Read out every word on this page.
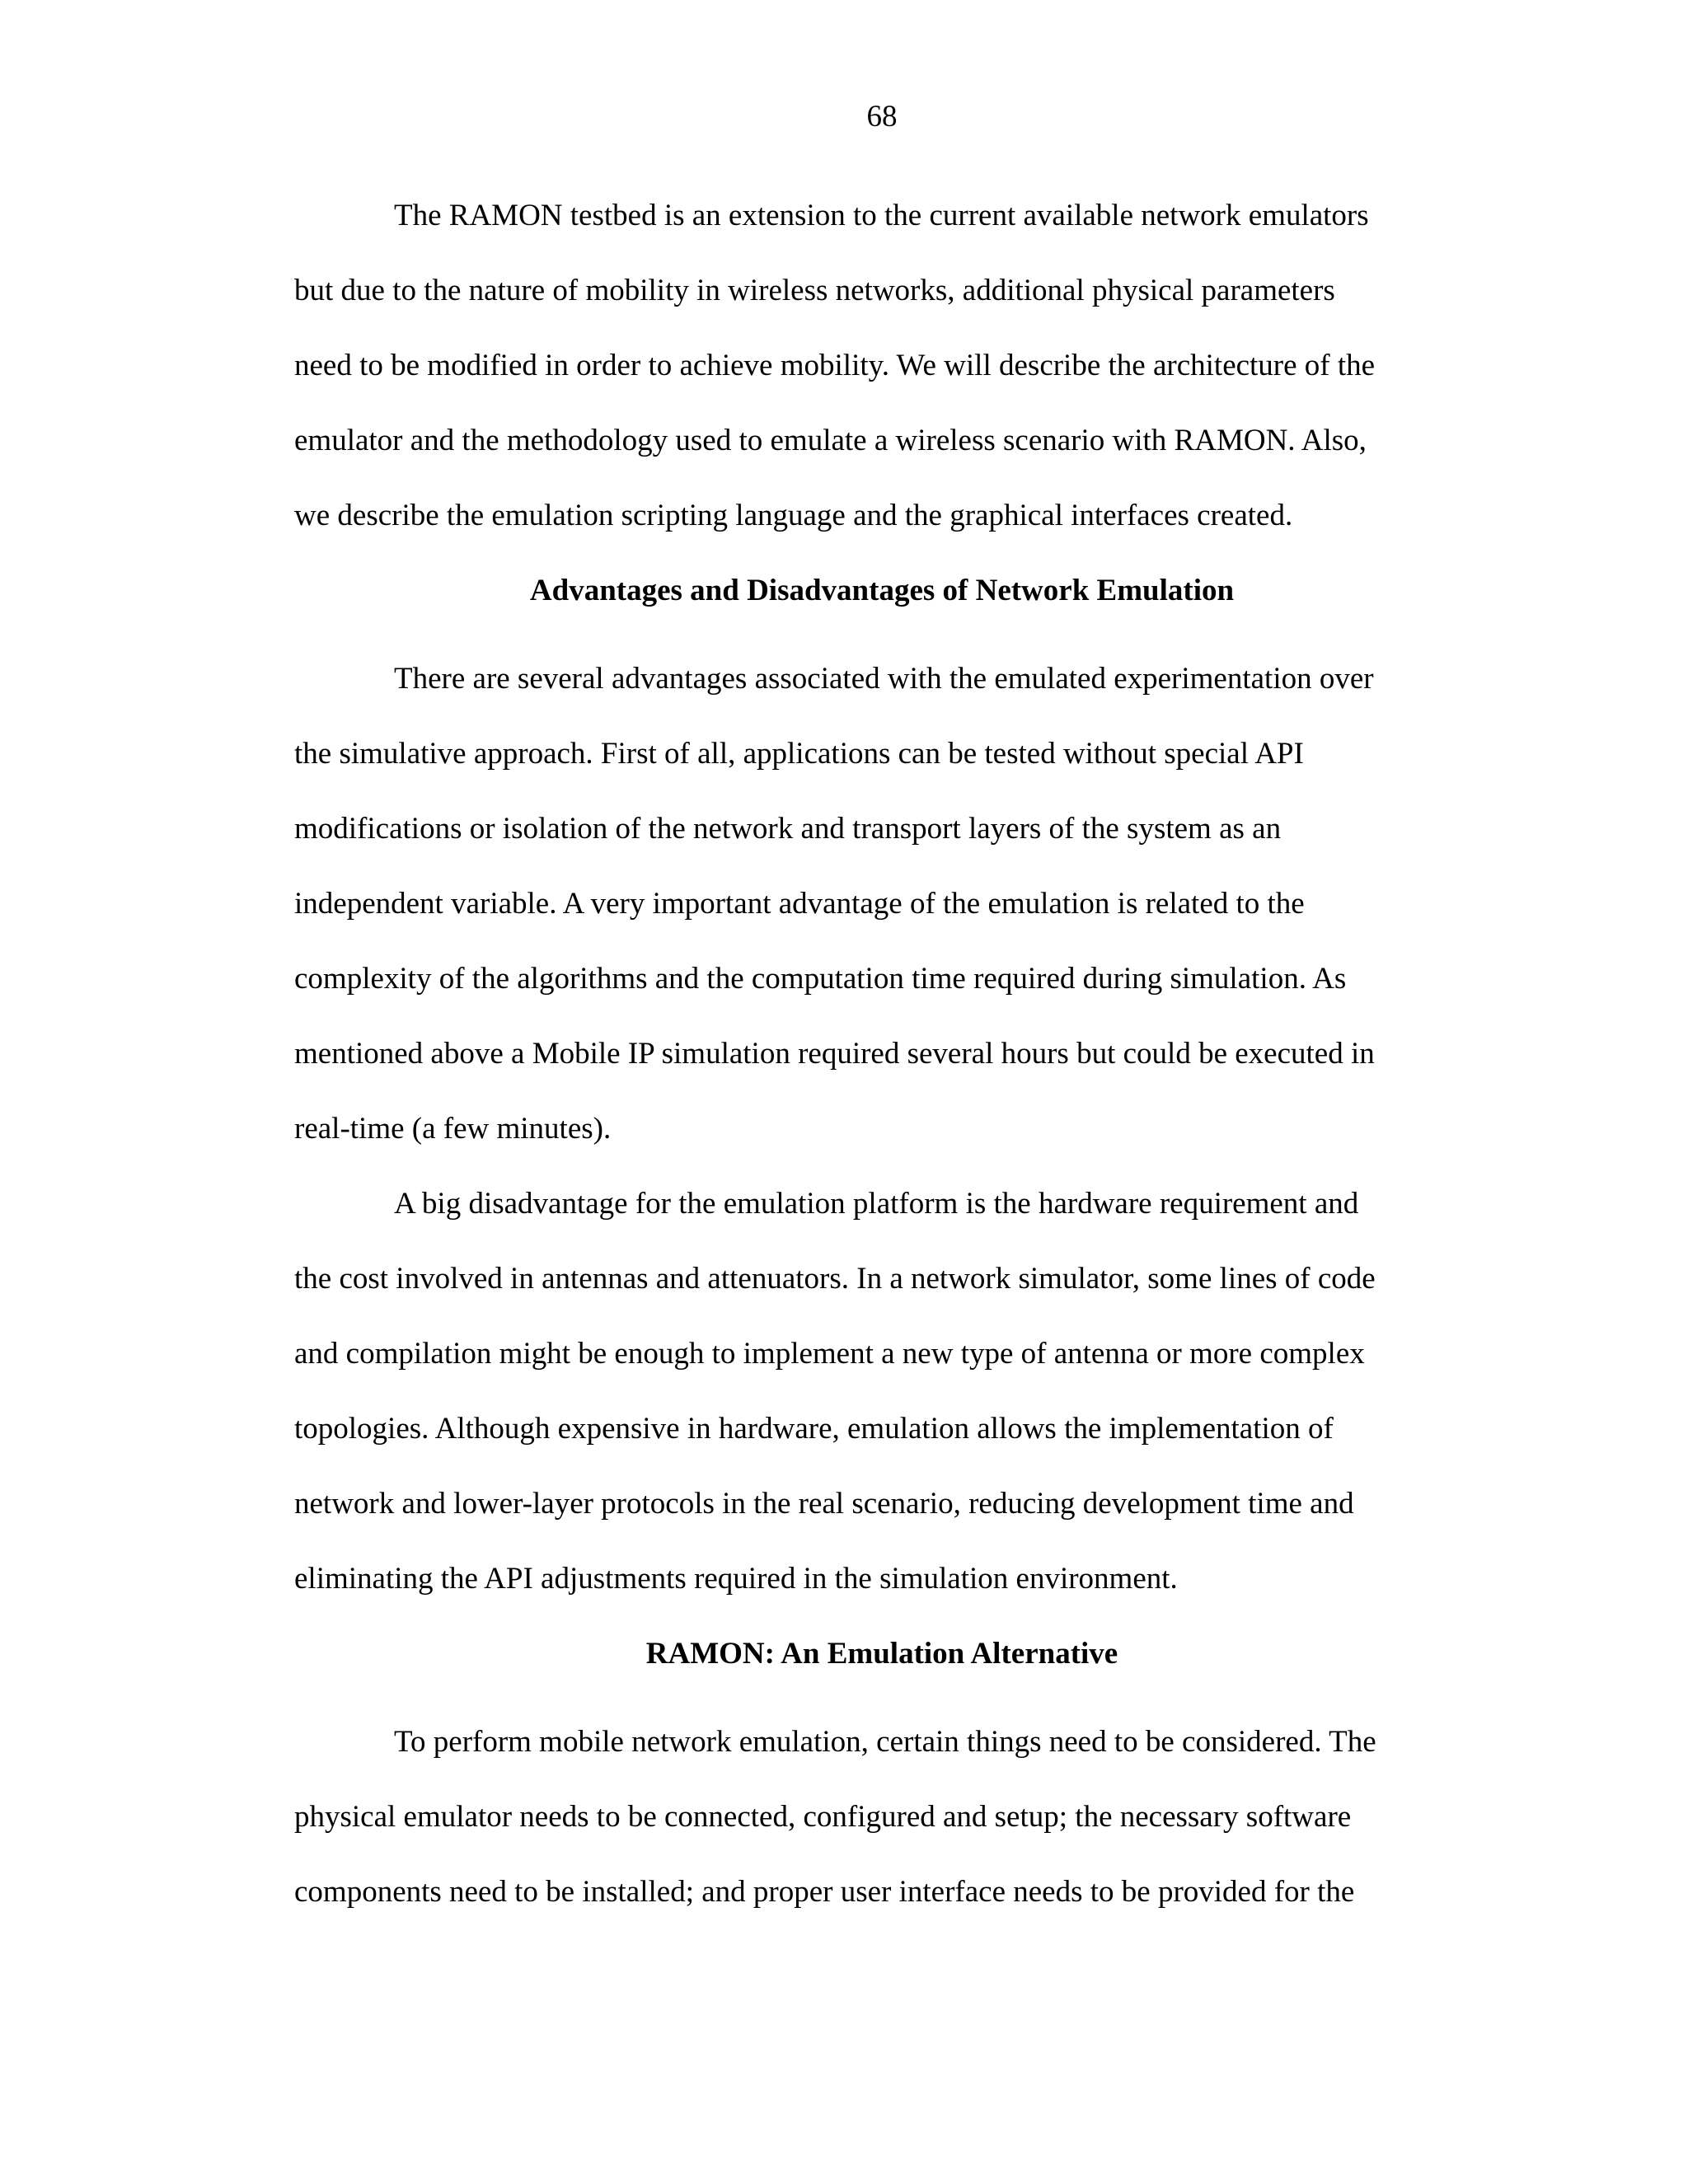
68
The RAMON testbed is an extension to the current available network emulators
but due to the nature of mobility in wireless networks, additional physical parameters
need to be modified in order to achieve mobility. We will describe the architecture of the
emulator and the methodology used to emulate a wireless scenario with RAMON. Also,
we describe the emulation scripting language and the graphical interfaces created.
Advantages and Disadvantages of Network Emulation
There are several advantages associated with the emulated experimentation over
the simulative approach. First of all, applications can be tested without special API
modifications or isolation of the network and transport layers of the system as an
independent variable. A very important advantage of the emulation is related to the
complexity of the algorithms and the computation time required during simulation. As
mentioned above a Mobile IP simulation required several hours but could be executed in
real-time (a few minutes).
A big disadvantage for the emulation platform is the hardware requirement and
the cost involved in antennas and attenuators. In a network simulator, some lines of code
and compilation might be enough to implement a new type of antenna or more complex
topologies. Although expensive in hardware, emulation allows the implementation of
network and lower-layer protocols in the real scenario, reducing development time and
eliminating the API adjustments required in the simulation environment.
RAMON: An Emulation Alternative
To perform mobile network emulation, certain things need to be considered. The
physical emulator needs to be connected, configured and setup; the necessary software
components need to be installed; and proper user interface needs to be provided for the
